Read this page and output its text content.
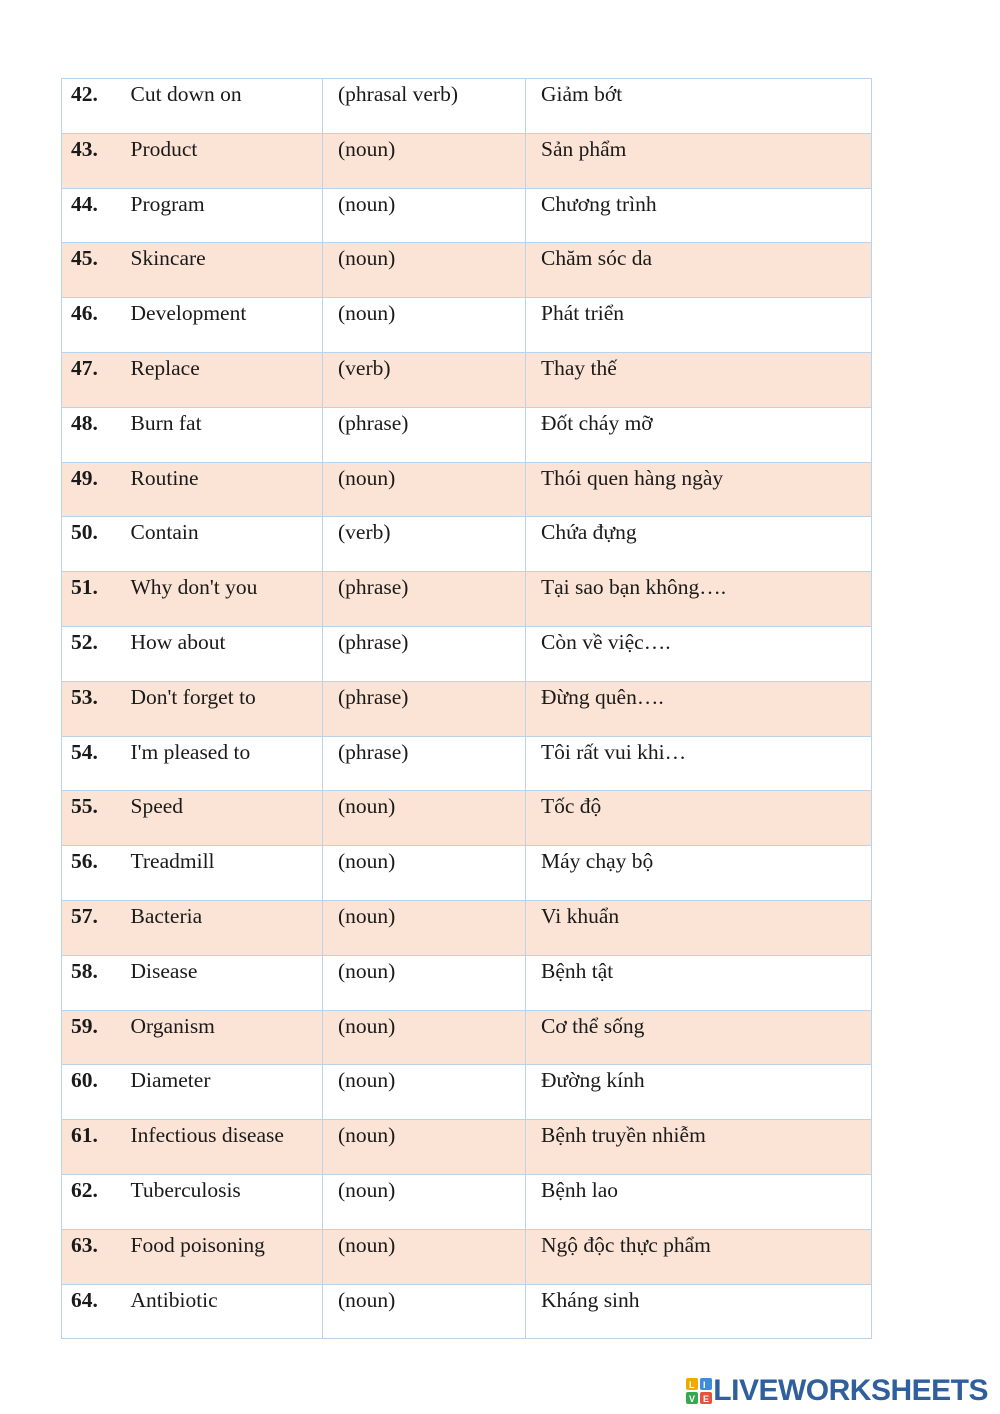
42.	Cut down on	(phrasal verb)	Giảm bớt
43.	Product	(noun)	Sản phẩm
44.	Program	(noun)	Chương trình
45.	Skincare	(noun)	Chăm sóc da
46.	Development	(noun)	Phát triển
47.	Replace	(verb)	Thay thế
48.	Burn fat	(phrase)	Đốt cháy mỡ
49.	Routine	(noun)	Thói quen hàng ngày
50.	Contain	(verb)	Chứa đựng
51.	Why don't you	(phrase)	Tại sao bạn không….
52.	How about	(phrase)	Còn về việc….
53.	Don't forget to	(phrase)	Đừng quên….
54.	I'm pleased to	(phrase)	Tôi rất vui khi…
55.	Speed	(noun)	Tốc độ
56.	Treadmill	(noun)	Máy chạy bộ
57.	Bacteria	(noun)	Vi khuẩn
58.	Disease	(noun)	Bệnh tật
59.	Organism	(noun)	Cơ thể sống
60.	Diameter	(noun)	Đường kính
61.	Infectious disease	(noun)	Bệnh truyền nhiễm
62.	Tuberculosis	(noun)	Bệnh lao
63.	Food poisoning	(noun)	Ngộ độc thực phẩm
64.	Antibiotic	(noun)	Kháng sinh
L I
V E LIVEWORKSHEETS
